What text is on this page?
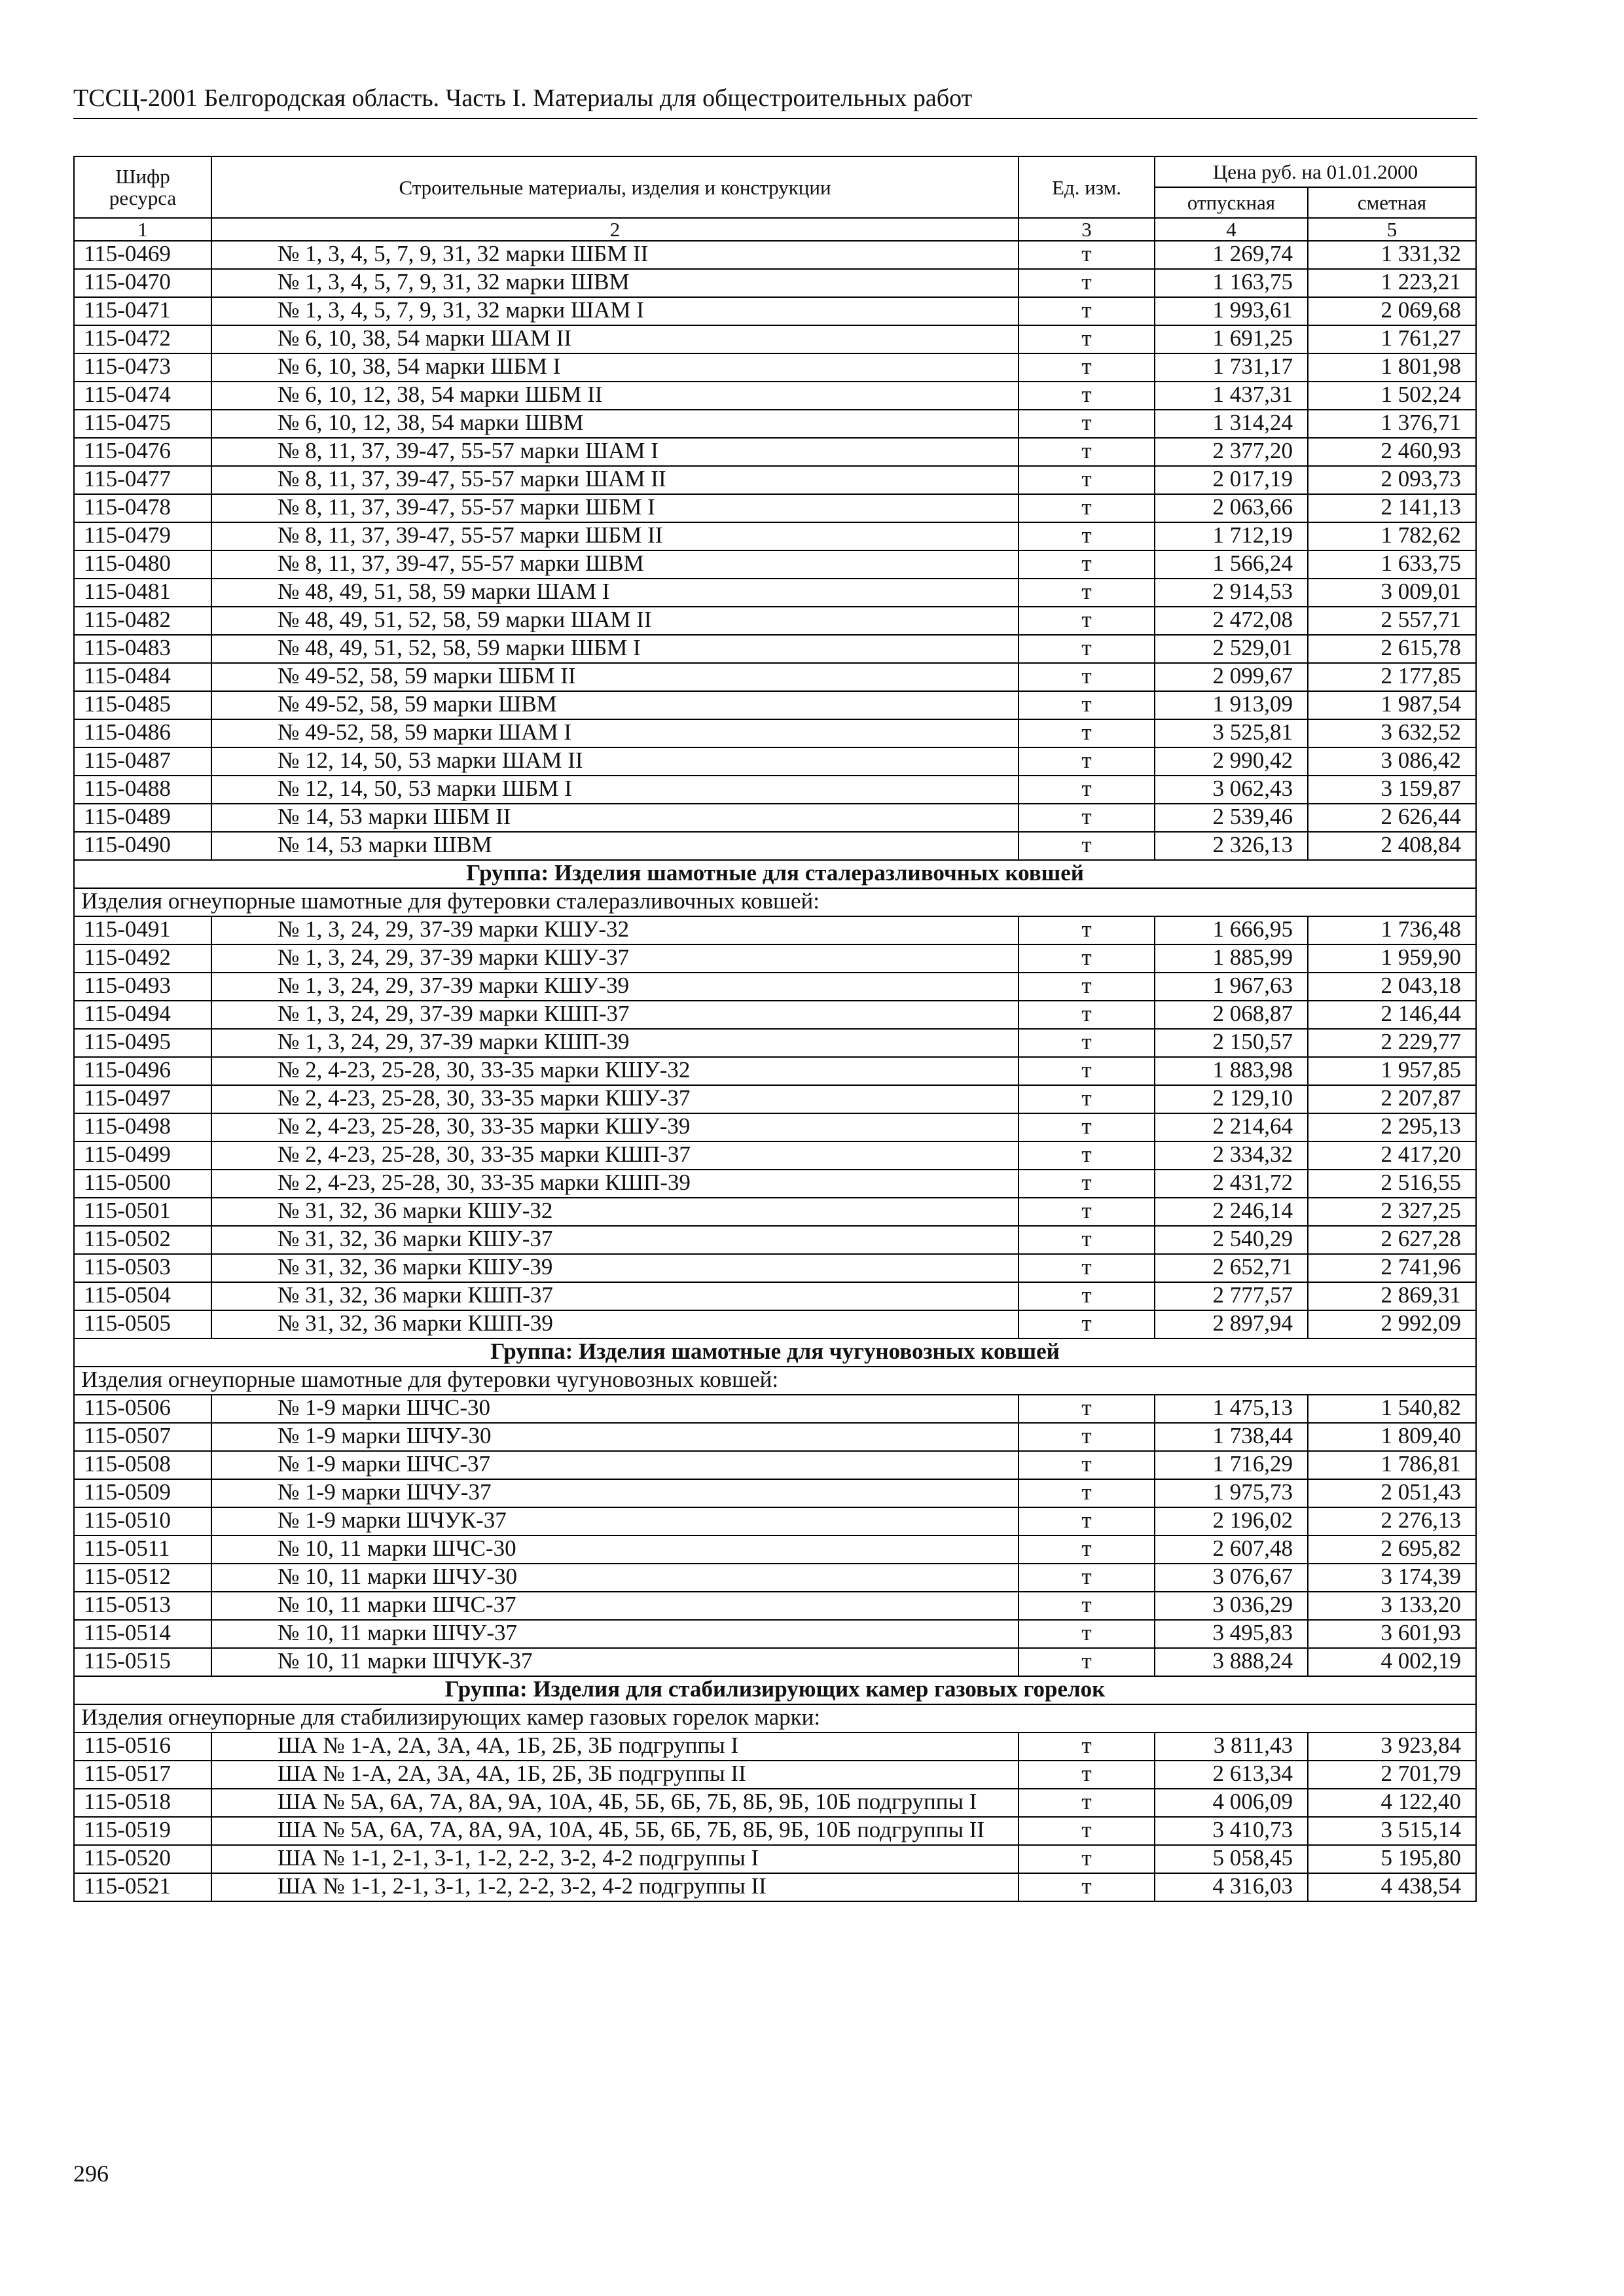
ТССЦ-2001 Белгородская область. Часть I. Материалы для общестроительных работ
Шифр ресурса	Строительные материалы, изделия и конструкции	Ед. изм.	Цена руб. на 01.01.2000	
			отпускная	сметная
1	2	3	4	5
115-0469	№ 1, 3, 4, 5, 7, 9, 31, 32 марки ШБМ II	т	1 269,74	1 331,32
115-0470	№ 1, 3, 4, 5, 7, 9, 31, 32 марки ШВМ	т	1 163,75	1 223,21
115-0471	№ 1, 3, 4, 5, 7, 9, 31, 32 марки ШАМ I	т	1 993,61	2 069,68
115-0472	№ 6, 10, 38, 54 марки ШАМ II	т	1 691,25	1 761,27
115-0473	№ 6, 10, 38, 54 марки ШБМ I	т	1 731,17	1 801,98
115-0474	№ 6, 10, 12, 38, 54 марки ШБМ II	т	1 437,31	1 502,24
115-0475	№ 6, 10, 12, 38, 54 марки ШВМ	т	1 314,24	1 376,71
115-0476	№ 8, 11, 37, 39-47, 55-57 марки ШАМ I	т	2 377,20	2 460,93
115-0477	№ 8, 11, 37, 39-47, 55-57 марки ШАМ II	т	2 017,19	2 093,73
115-0478	№ 8, 11, 37, 39-47, 55-57 марки ШБМ I	т	2 063,66	2 141,13
115-0479	№ 8, 11, 37, 39-47, 55-57 марки ШБМ II	т	1 712,19	1 782,62
115-0480	№ 8, 11, 37, 39-47, 55-57 марки ШВМ	т	1 566,24	1 633,75
115-0481	№ 48, 49, 51, 58, 59 марки ШАМ I	т	2 914,53	3 009,01
115-0482	№ 48, 49, 51, 52, 58, 59 марки ШАМ II	т	2 472,08	2 557,71
115-0483	№ 48, 49, 51, 52, 58, 59 марки ШБМ I	т	2 529,01	2 615,78
115-0484	№ 49-52, 58, 59 марки ШБМ II	т	2 099,67	2 177,85
115-0485	№ 49-52, 58, 59 марки ШВМ	т	1 913,09	1 987,54
115-0486	№ 49-52, 58, 59 марки ШАМ I	т	3 525,81	3 632,52
115-0487	№ 12, 14, 50, 53 марки ШАМ II	т	2 990,42	3 086,42
115-0488	№ 12, 14, 50, 53 марки ШБМ I	т	3 062,43	3 159,87
115-0489	№ 14, 53 марки ШБМ II	т	2 539,46	2 626,44
115-0490	№ 14, 53 марки ШВМ	т	2 326,13	2 408,84
Группа: Изделия шамотные для сталеразливочных ковшей				
Изделия огнеупорные шамотные для футеровки сталеразливочных ковшей:				
115-0491	№ 1, 3, 24, 29, 37-39 марки КШУ-32	т	1 666,95	1 736,48
115-0492	№ 1, 3, 24, 29, 37-39 марки КШУ-37	т	1 885,99	1 959,90
115-0493	№ 1, 3, 24, 29, 37-39 марки КШУ-39	т	1 967,63	2 043,18
115-0494	№ 1, 3, 24, 29, 37-39 марки КШП-37	т	2 068,87	2 146,44
115-0495	№ 1, 3, 24, 29, 37-39 марки КШП-39	т	2 150,57	2 229,77
115-0496	№ 2, 4-23, 25-28, 30, 33-35 марки КШУ-32	т	1 883,98	1 957,85
115-0497	№ 2, 4-23, 25-28, 30, 33-35 марки КШУ-37	т	2 129,10	2 207,87
115-0498	№ 2, 4-23, 25-28, 30, 33-35 марки КШУ-39	т	2 214,64	2 295,13
115-0499	№ 2, 4-23, 25-28, 30, 33-35 марки КШП-37	т	2 334,32	2 417,20
115-0500	№ 2, 4-23, 25-28, 30, 33-35 марки КШП-39	т	2 431,72	2 516,55
115-0501	№ 31, 32, 36 марки КШУ-32	т	2 246,14	2 327,25
115-0502	№ 31, 32, 36 марки КШУ-37	т	2 540,29	2 627,28
115-0503	№ 31, 32, 36 марки КШУ-39	т	2 652,71	2 741,96
115-0504	№ 31, 32, 36 марки КШП-37	т	2 777,57	2 869,31
115-0505	№ 31, 32, 36 марки КШП-39	т	2 897,94	2 992,09
Группа: Изделия шамотные для чугуновозных ковшей				
Изделия огнеупорные шамотные для футеровки чугуновозных ковшей:				
115-0506	№ 1-9 марки ШЧС-30	т	1 475,13	1 540,82
115-0507	№ 1-9 марки ШЧУ-30	т	1 738,44	1 809,40
115-0508	№ 1-9 марки ШЧС-37	т	1 716,29	1 786,81
115-0509	№ 1-9 марки ШЧУ-37	т	1 975,73	2 051,43
115-0510	№ 1-9 марки ШЧУК-37	т	2 196,02	2 276,13
115-0511	№ 10, 11 марки ШЧС-30	т	2 607,48	2 695,82
115-0512	№ 10, 11 марки ШЧУ-30	т	3 076,67	3 174,39
115-0513	№ 10, 11 марки ШЧС-37	т	3 036,29	3 133,20
115-0514	№ 10, 11 марки ШЧУ-37	т	3 495,83	3 601,93
115-0515	№ 10, 11 марки ШЧУК-37	т	3 888,24	4 002,19
Группа: Изделия для стабилизирующих камер газовых горелок				
Изделия огнеупорные для стабилизирующих камер газовых горелок марки:				
115-0516	ША № 1-А, 2А, 3А, 4А, 1Б, 2Б, 3Б подгруппы I	т	3 811,43	3 923,84
115-0517	ША № 1-А, 2А, 3А, 4А, 1Б, 2Б, 3Б подгруппы II	т	2 613,34	2 701,79
115-0518	ША № 5А, 6А, 7А, 8А, 9А, 10А, 4Б, 5Б, 6Б, 7Б, 8Б, 9Б, 10Б подгруппы I	т	4 006,09	4 122,40
115-0519	ША № 5А, 6А, 7А, 8А, 9А, 10А, 4Б, 5Б, 6Б, 7Б, 8Б, 9Б, 10Б подгруппы II	т	3 410,73	3 515,14
115-0520	ША № 1-1, 2-1, 3-1, 1-2, 2-2, 3-2, 4-2 подгруппы I	т	5 058,45	5 195,80
115-0521	ША № 1-1, 2-1, 3-1, 1-2, 2-2, 3-2, 4-2 подгруппы II	т	4 316,03	4 438,54
296
